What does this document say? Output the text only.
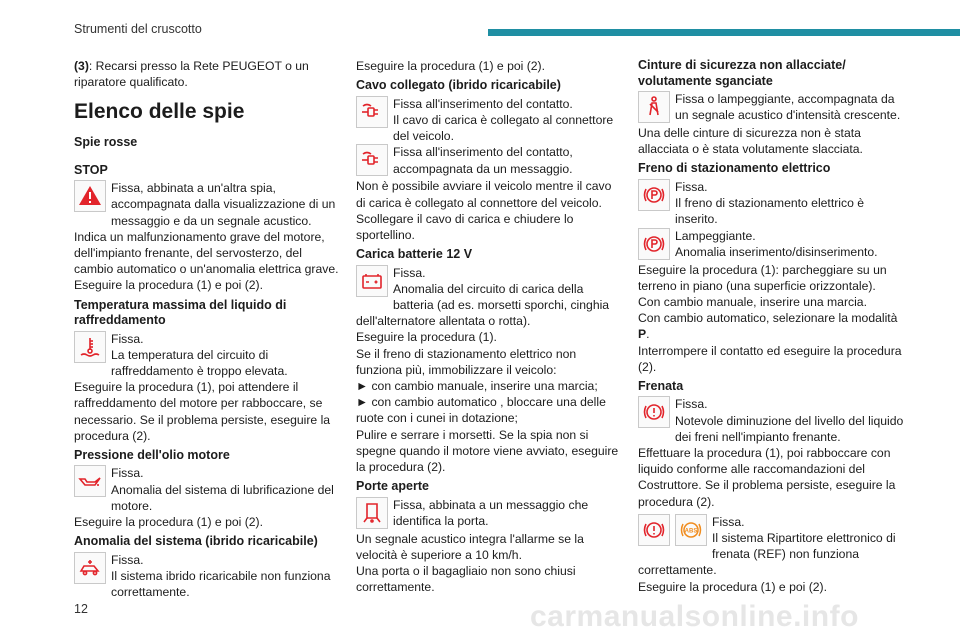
Strumenti del cruscotto

(3): Recarsi presso la Rete PEUGEOT o un riparatore qualificato.

Elenco delle spie
Spie rosse
STOP
Fissa, abbinata a un'altra spia, accompagnata dalla visualizzazione di un messaggio e da un segnale acustico.

Indica un malfunzionamento grave del motore, dell'impianto frenante, del servosterzo, del cambio automatico o un'anomalia elettrica grave.

Eseguire la procedura (1) e poi (2).

Temperatura massima del liquido di raffreddamento
Fissa.
La temperatura del circuito di raffreddamento è troppo elevata.

Eseguire la procedura (1), poi attendere il raffreddamento del motore per rabboccare, se necessario. Se il problema persiste, eseguire la procedura (2).

Pressione dell'olio motore
Fissa.
Anomalia del sistema di lubrificazione del motore.

Eseguire la procedura (1) e poi (2).

Anomalia del sistema (ibrido ricaricabile)
Fissa.
Il sistema ibrido ricaricabile non funziona correttamente.

Eseguire la procedura (1) e poi (2).

Cavo collegato (ibrido ricaricabile)
Fissa all'inserimento del contatto.
Il cavo di carica è collegato al connettore del veicolo.
Fissa all'inserimento del contatto, accompagnata da un messaggio.

Non è possibile avviare il veicolo mentre il cavo di carica è collegato al connettore del veicolo. Scollegare il cavo di carica e chiudere lo sportellino.

Carica batterie 12 V
Fissa.
Anomalia del circuito di carica della batteria (ad es. morsetti sporchi, cinghia dell'alternatore allentata o rotta).

Eseguire la procedura (1).

Se il freno di stazionamento elettrico non funziona più, immobilizzare il veicolo:

► con cambio manuale, inserire una marcia;

► con cambio automatico , bloccare una delle ruote con i cunei in dotazione;

Pulire e serrare i morsetti. Se la spia non si spegne quando il motore viene avviato, eseguire la procedura (2).

Porte aperte
Fissa, abbinata a un messaggio che identifica la porta.

Un segnale acustico integra l'allarme se la velocità è superiore a 10 km/h.

Una porta o il bagagliaio non sono chiusi correttamente.

Cinture di sicurezza non allacciate/ volutamente sganciate
Fissa o lampeggiante, accompagnata da un segnale acustico d'intensità crescente.

Una delle cinture di sicurezza non è stata allacciata o è stata volutamente slacciata.

Freno di stazionamento elettrico
Fissa.
Il freno di stazionamento elettrico è inserito.
Lampeggiante.
Anomalia inserimento/disinserimento.

Eseguire la procedura (1): parcheggiare su un terreno in piano (una superficie orizzontale).

Con cambio manuale, inserire una marcia.

Con cambio automatico, selezionare la modalità P.

Interrompere il contatto ed eseguire la procedura (2).

Frenata
Fissa.
Notevole diminuzione del livello del liquido dei freni nell'impianto frenante.

Effettuare la procedura (1), poi rabboccare con liquido conforme alle raccomandazioni del Costruttore. Se il problema persiste, eseguire la procedura (2).

ABS
Fissa.
Il sistema Ripartitore elettronico di frenata (REF) non funziona correttamente.

Eseguire la procedura (1) e poi (2).

12	carmanualsonline.info
